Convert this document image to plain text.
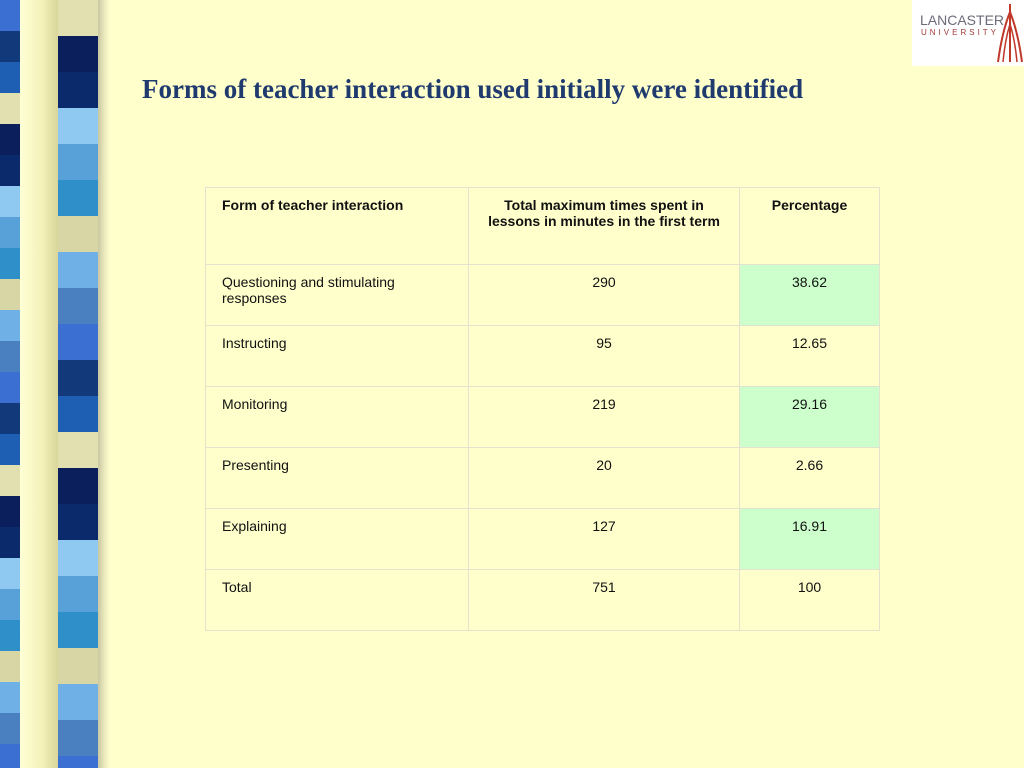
LANCASTER
UNIVERSITY
Forms of teacher interaction used initially were identified
Form of teacher interaction	Total maximum times spent in lessons in minutes in the first term	Percentage
Questioning and stimulating responses	290	38.62
Instructing	95	12.65
Monitoring	219	29.16
Presenting	20	2.66
Explaining	127	16.91
Total	751	100
